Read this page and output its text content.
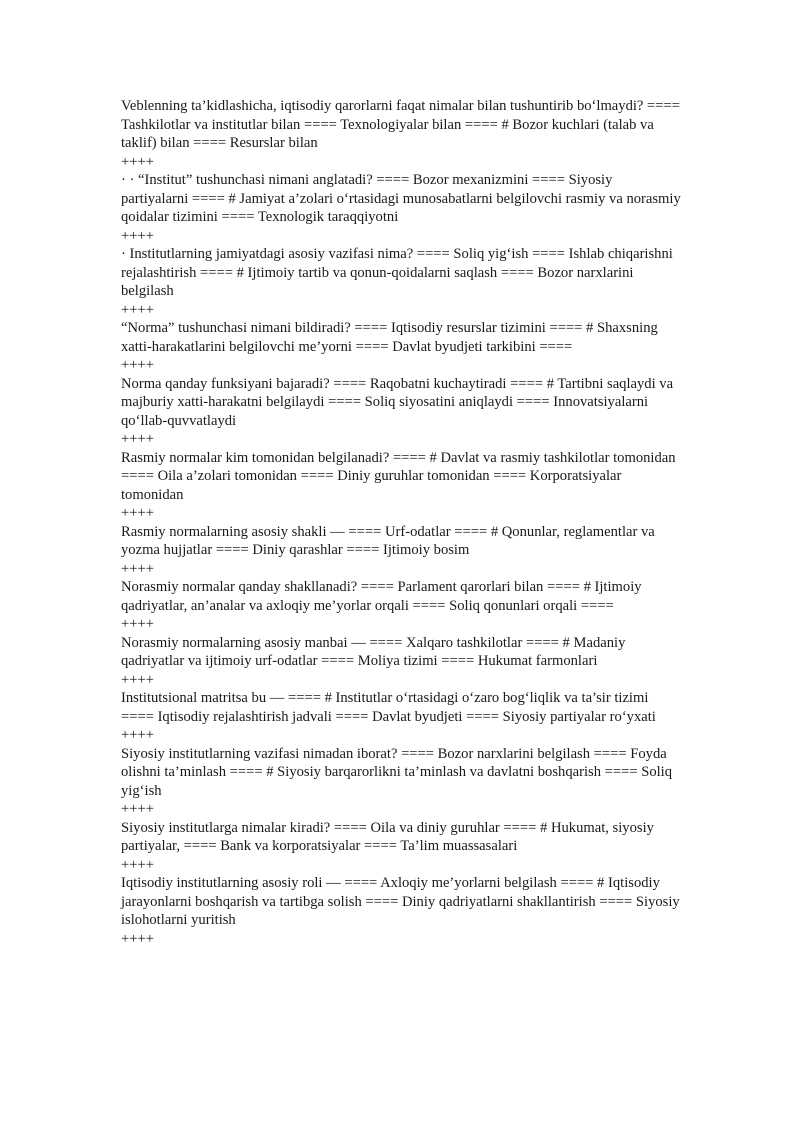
Veblenning ta’kidlashicha, iqtisodiy qarorlarni faqat nimalar bilan tushuntirib bo‘lmaydi? ==== Tashkilotlar va institutlar bilan ==== Texnologiyalar bilan ==== # Bozor kuchlari (talab va taklif) bilan ==== Resurslar bilan
++++
· · “Institut” tushunchasi nimani anglatadi? ==== Bozor mexanizmini ==== Siyosiy partiyalarni ==== # Jamiyat a’zolari o‘rtasidagi munosabatlarni belgilovchi rasmiy va norasmiy qoidalar tizimini ==== Texnologik taraqqiyotni
++++
· Institutlarning jamiyatdagi asosiy vazifasi nima? ==== Soliq yig‘ish ==== Ishlab chiqarishni rejalashtirish ==== # Ijtimoiy tartib va qonun-qoidalarni saqlash ==== Bozor narxlarini belgilash
++++
“Norma” tushunchasi nimani bildiradi? ==== Iqtisodiy resurslar tizimini ==== # Shaxsning xatti-harakatlarini belgilovchi me’yorni ==== Davlat byudjeti tarkibini ====
++++
Norma qanday funksiyani bajaradi? ==== Raqobatni kuchaytiradi ==== # Tartibni saqlaydi va majburiy xatti-harakatni belgilaydi ==== Soliq siyosatini aniqlaydi ==== Innovatsiyalarni qo‘llab-quvvatlaydi
++++
Rasmiy normalar kim tomonidan belgilanadi? ==== # Davlat va rasmiy tashkilotlar tomonidan ==== Oila a’zolari tomonidan ==== Diniy guruhlar tomonidan ==== Korporatsiyalar tomonidan
++++
Rasmiy normalarning asosiy shakli — ==== Urf-odatlar ==== # Qonunlar, reglamentlar va yozma hujjatlar ==== Diniy qarashlar ==== Ijtimoiy bosim
++++
Norasmiy normalar qanday shakllanadi? ==== Parlament qarorlari bilan ==== # Ijtimoiy qadriyatlar, an’analar va axloqiy me’yorlar orqali ==== Soliq qonunlari orqali ====
++++
Norasmiy normalarning asosiy manbai — ==== Xalqaro tashkilotlar ==== # Madaniy qadriyatlar va ijtimoiy urf-odatlar ==== Moliya tizimi ==== Hukumat farmonlari
++++
Institutsional matritsa bu — ==== # Institutlar o‘rtasidagi o‘zaro bog‘liqlik va ta’sir tizimi ==== Iqtisodiy rejalashtirish jadvali ==== Davlat byudjeti ==== Siyosiy partiyalar ro‘yxati
++++
Siyosiy institutlarning vazifasi nimadan iborat? ==== Bozor narxlarini belgilash ==== Foyda olishni ta’minlash ==== # Siyosiy barqarorlikni ta’minlash va davlatni boshqarish ==== Soliq yig‘ish
++++
Siyosiy institutlarga nimalar kiradi? ==== Oila va diniy guruhlar ==== # Hukumat, siyosiy partiyalar, ==== Bank va korporatsiyalar ==== Ta’lim muassasalari
++++
Iqtisodiy institutlarning asosiy roli — ==== Axloqiy me’yorlarni belgilash ==== # Iqtisodiy jarayonlarni boshqarish va tartibga solish ==== Diniy qadriyatlarni shakllantirish ==== Siyosiy islohotlarni yuritish
++++
